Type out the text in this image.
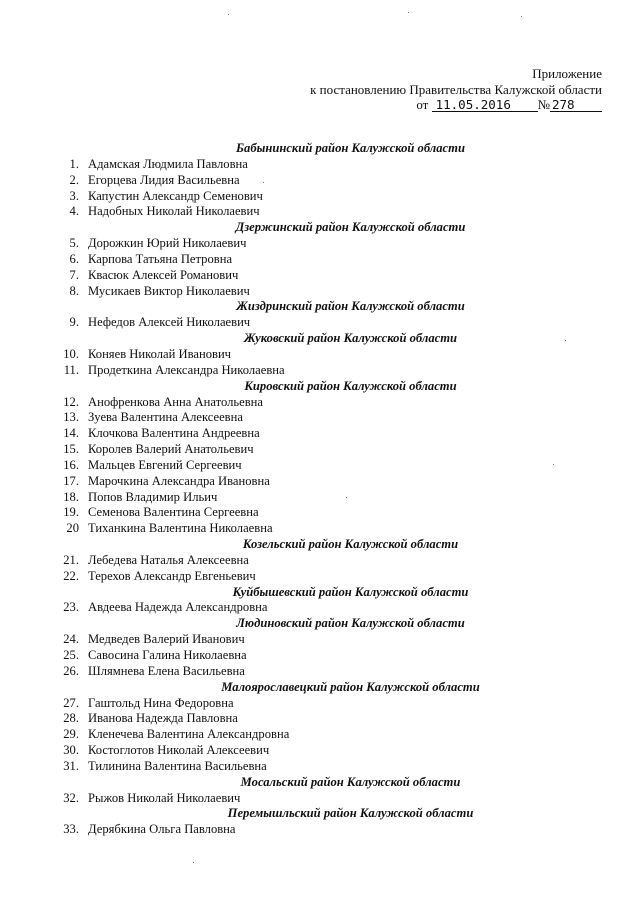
Приложение
к постановлению Правительства Калужской области
от 11.05.2016 № 278
Бабынинский район Калужской области
1. Адамская Людмила Павловна
2. Егорцева Лидия Васильевна
3. Капустин Александр Семенович
4. Надобных Николай Николаевич
Дзержинский район Калужской области
5. Дорожкин Юрий Николаевич
6. Карпова Татьяна Петровна
7. Квасюк Алексей Романович
8. Мусикаев Виктор Николаевич
Жиздринский район Калужской области
9. Нефедов Алексей Николаевич
Жуковский район Калужской области
10. Коняев Николай Иванович
11. Продеткина Александра Николаевна
Кировский район Калужской области
12. Анофренкова Анна Анатольевна
13. Зуева Валентина Алексеевна
14. Клочкова Валентина Андреевна
15. Королев Валерий Анатольевич
16. Мальцев Евгений Сергеевич
17. Марочкина Александра Ивановна
18. Попов Владимир Ильич
19. Семенова Валентина Сергеевна
20 Тиханкина Валентина Николаевна
Козельский район Калужской области
21. Лебедева Наталья Алексеевна
22. Терехов Александр Евгеньевич
Куйбышевский район Калужской области
23. Авдеева Надежда Александровна
Людиновский район Калужской области
24. Медведев Валерий Иванович
25. Савосина Галина Николаевна
26. Шлямнева Елена Васильевна
Малоярославецкий район Калужской области
27. Гаштольд Нина Федоровна
28. Иванова Надежда Павловна
29. Кленечева Валентина Александровна
30. Костоглотов Николай Алексеевич
31. Тилинина Валентина Васильевна
Мосальский район Калужской области
32. Рыжов Николай Николаевич
Перемышльский район Калужской области
33. Дерябкина Ольга Павловна
